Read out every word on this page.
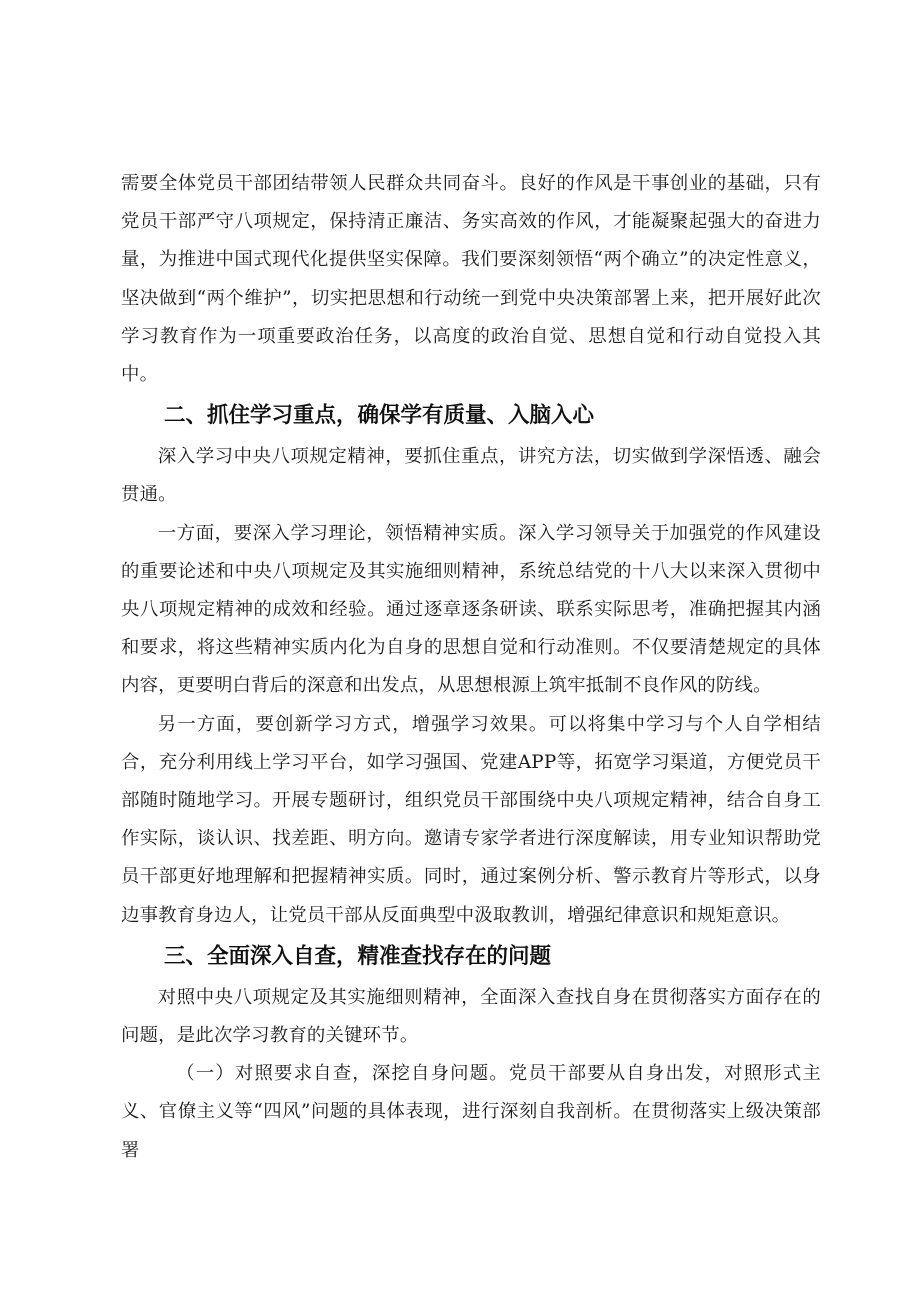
需要全体党员干部团结带领人民群众共同奋斗。良好的作风是干事创业的基础，只有党员干部严守八项规定，保持清正廉洁、务实高效的作风，才能凝聚起强大的奋进力量，为推进中国式现代化提供坚实保障。我们要深刻领悟“两个确立”的决定性意义，坚决做到“两个维护”，切实把思想和行动统一到党中央决策部署上来，把开展好此次学习教育作为一项重要政治任务，以高度的政治自觉、思想自觉和行动自觉投入其中。

二、抓住学习重点，确保学有质量、入脑入心

深入学习中央八项规定精神，要抓住重点，讲究方法，切实做到学深悟透、融会贯通。

一方面，要深入学习理论，领悟精神实质。深入学习领导关于加强党的作风建设的重要论述和中央八项规定及其实施细则精神，系统总结党的十八大以来深入贯彻中央八项规定精神的成效和经验。通过逐章逐条研读、联系实际思考，准确把握其内涵和要求，将这些精神实质内化为自身的思想自觉和行动准则。不仅要清楚规定的具体内容，更要明白背后的深意和出发点，从思想根源上筑牢抵制不良作风的防线。

另一方面，要创新学习方式，增强学习效果。可以将集中学习与个人自学相结合，充分利用线上学习平台，如学习强国、党建APP等，拓宽学习渠道，方便党员干部随时随地学习。开展专题研讨，组织党员干部围绕中央八项规定精神，结合自身工作实际，谈认识、找差距、明方向。邀请专家学者进行深度解读，用专业知识帮助党员干部更好地理解和把握精神实质。同时，通过案例分析、警示教育片等形式，以身边事教育身边人，让党员干部从反面典型中汲取教训，增强纪律意识和规矩意识。

三、全面深入自查，精准查找存在的问题

对照中央八项规定及其实施细则精神，全面深入查找自身在贯彻落实方面存在的问题，是此次学习教育的关键环节。

（一）对照要求自查，深挖自身问题。党员干部要从自身出发，对照形式主义、官僚主义等“四风”问题的具体表现，进行深刻自我剖析。在贯彻落实上级决策部署
